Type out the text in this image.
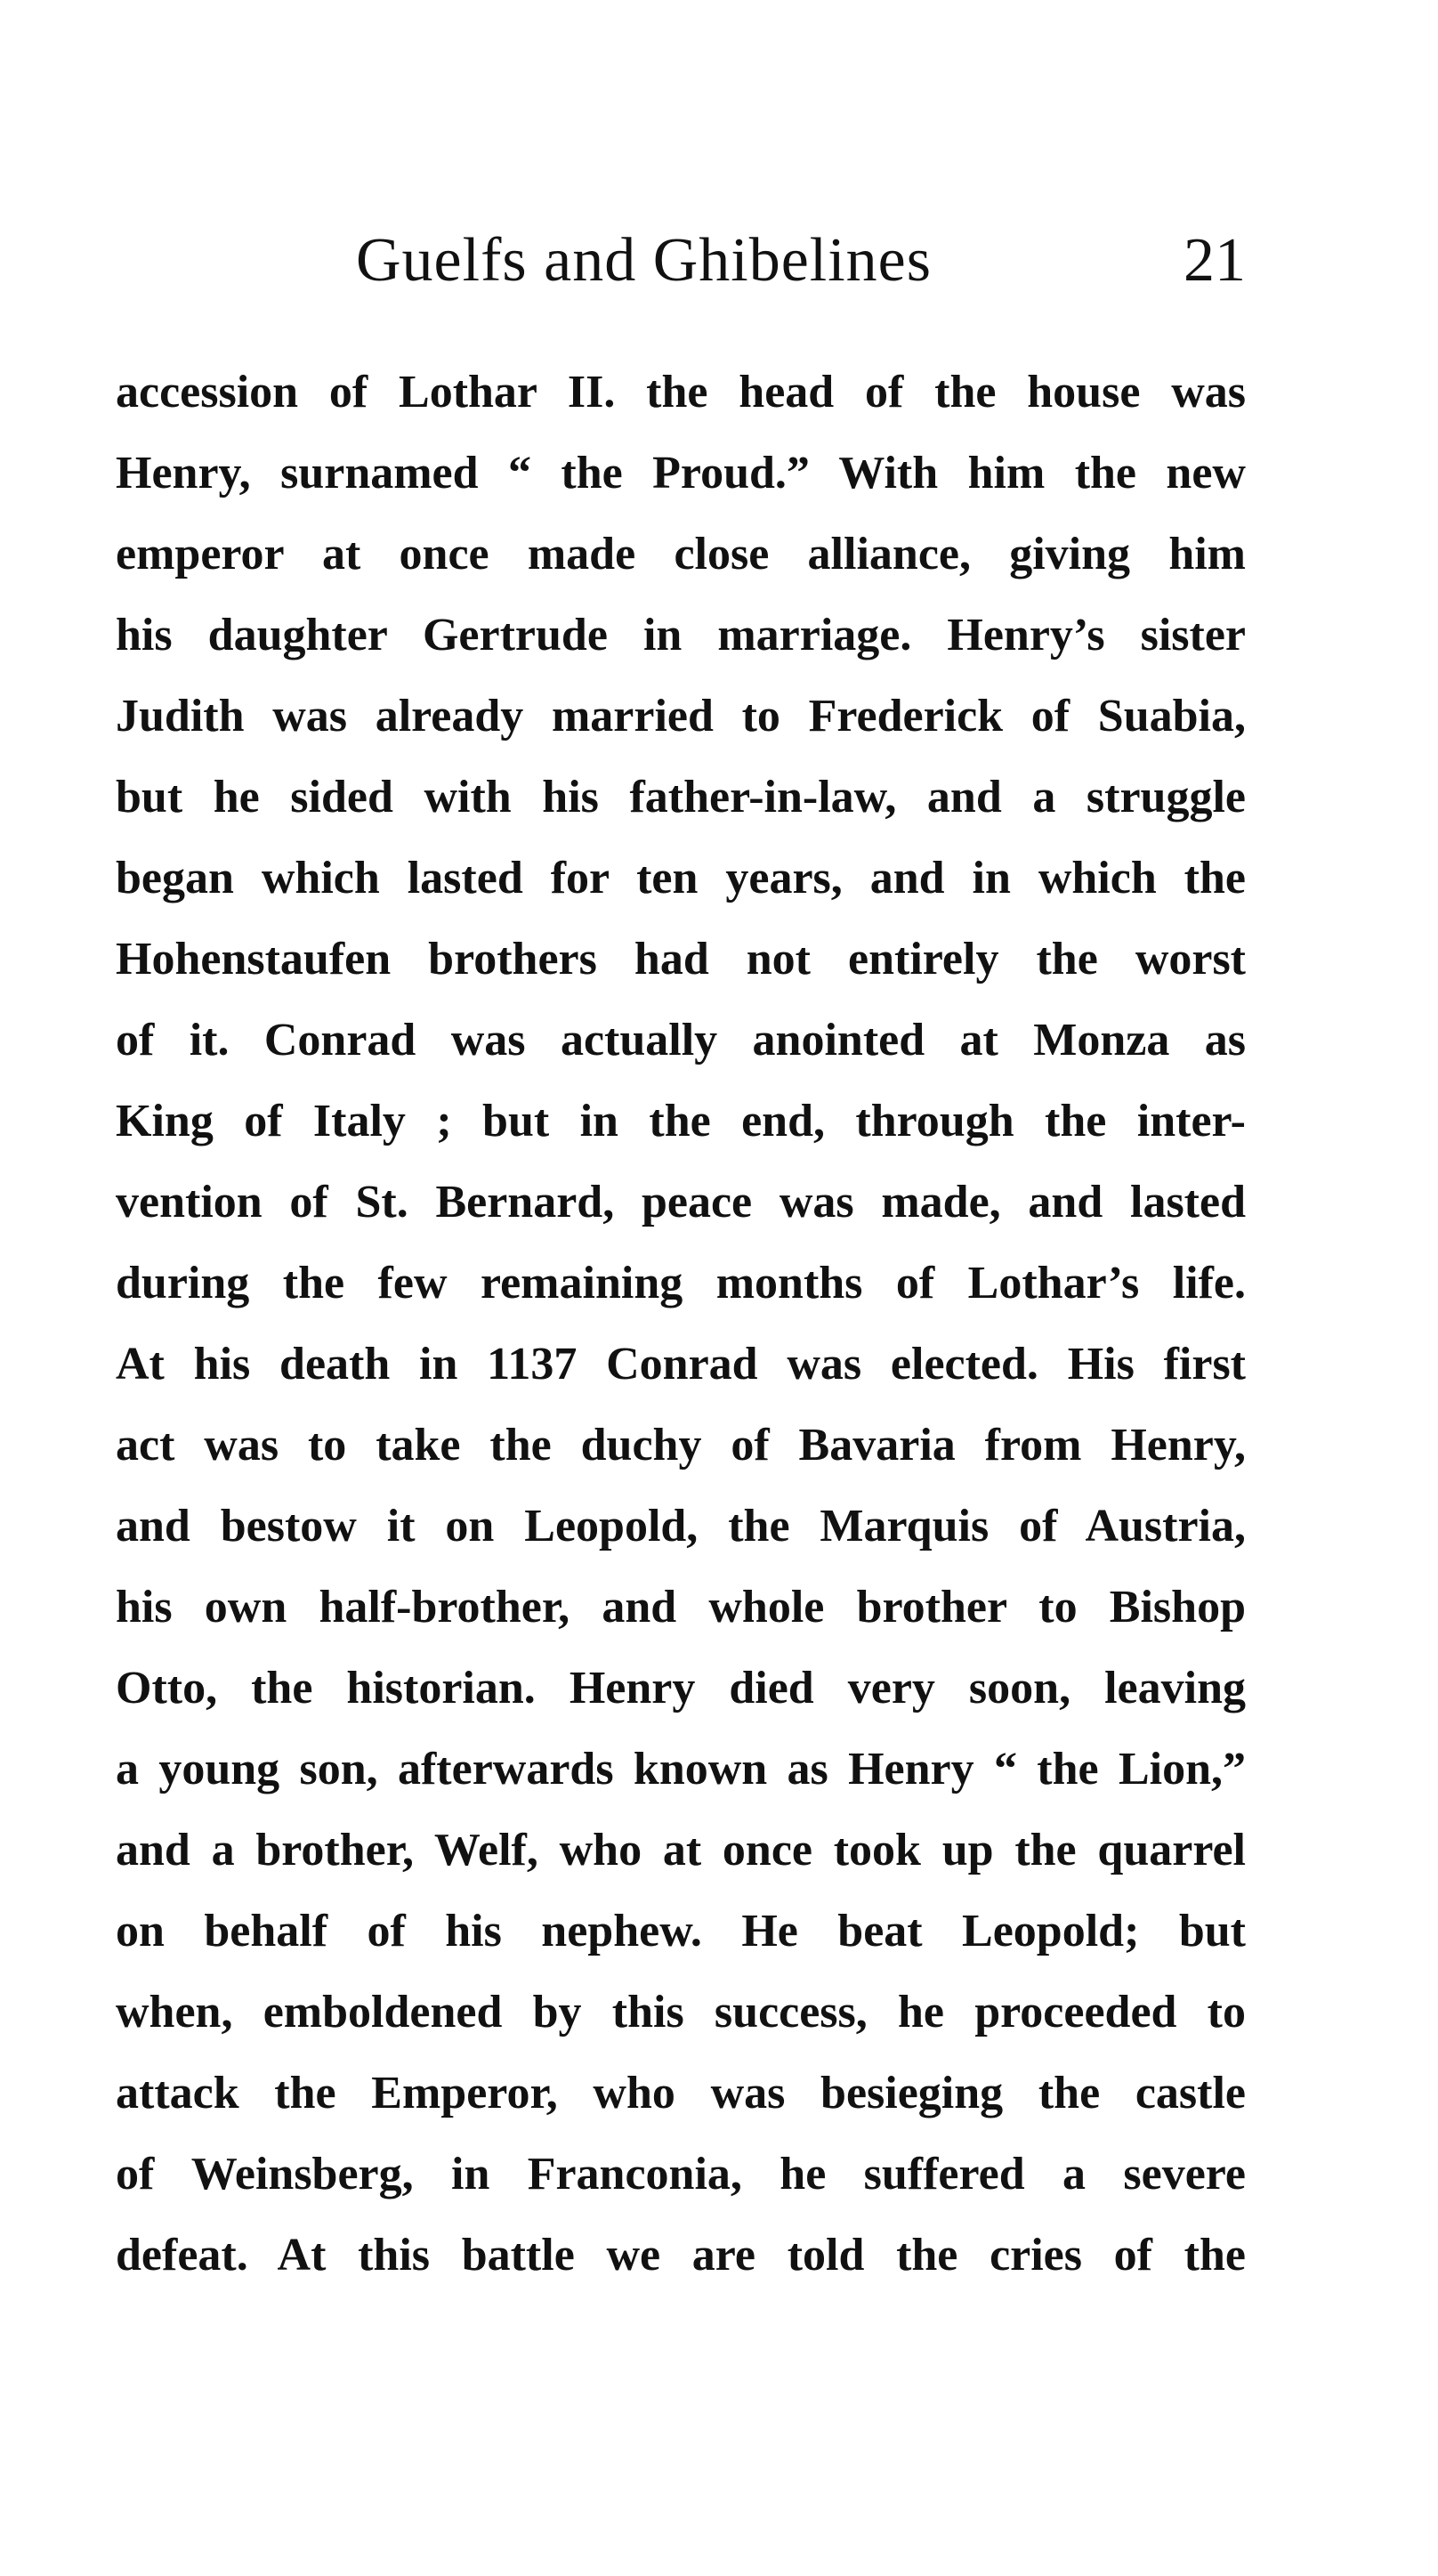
Guelfs and Ghibelines	21
accession of Lothar II. the head of the house was
Henry, surnamed “ the Proud.” With him the new
emperor at once made close alliance, giving him
his daughter Gertrude in marriage. Henry’s sister
Judith was already married to Frederick of Suabia,
but he sided with his father-in-law, and a struggle
began which lasted for ten years, and in which the
Hohenstaufen brothers had not entirely the worst
of it. Conrad was actually anointed at Monza as
King of Italy ; but in the end, through the inter-
vention of St. Bernard, peace was made, and lasted
during the few remaining months of Lothar’s life.
At his death in 1137 Conrad was elected. His first
act was to take the duchy of Bavaria from Henry,
and bestow it on Leopold, the Marquis of Austria,
his own half-brother, and whole brother to Bishop
Otto, the historian. Henry died very soon, leaving
a young son, afterwards known as Henry “ the Lion,”
and a brother, Welf, who at once took up the quarrel
on behalf of his nephew. He beat Leopold; but
when, emboldened by this success, he proceeded to
attack the Emperor, who was besieging the castle
of Weinsberg, in Franconia, he suffered a severe
defeat. At this battle we are told the cries of the
